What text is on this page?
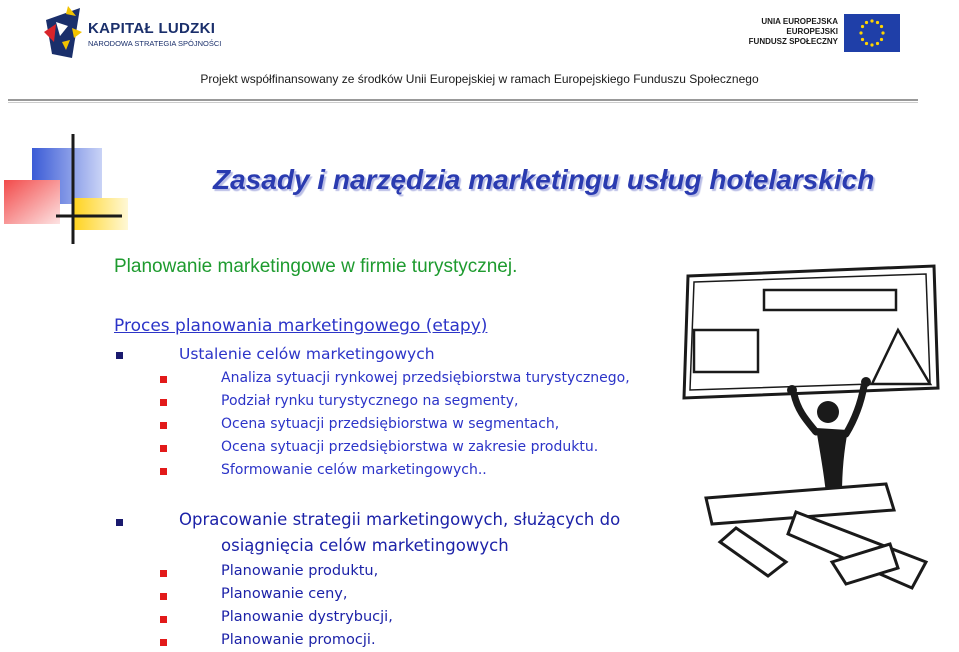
KAPITAŁ LUDZKI
NARODOWA STRATEGIA SPÓJNOŚCI
UNIA EUROPEJSKA
EUROPEJSKI
FUNDUSZ SPOŁECZNY
Projekt współfinansowany ze środków Unii Europejskiej w ramach Europejskiego Funduszu Społecznego
Zasady i narzędzia marketingu usług hotelarskich
Planowanie marketingowe w firmie turystycznej.
Proces planowania marketingowego (etapy)
Ustalenie celów marketingowych
Analiza sytuacji rynkowej przedsiębiorstwa turystycznego,
Podział rynku turystycznego na segmenty,
Ocena sytuacji przedsiębiorstwa w segmentach,
Ocena sytuacji przedsiębiorstwa w zakresie produktu.
Sformowanie celów marketingowych..
Opracowanie strategii marketingowych, służących do
osiągnięcia celów marketingowych
Planowanie produktu,
Planowanie ceny,
Planowanie dystrybucji,
Planowanie promocji.
